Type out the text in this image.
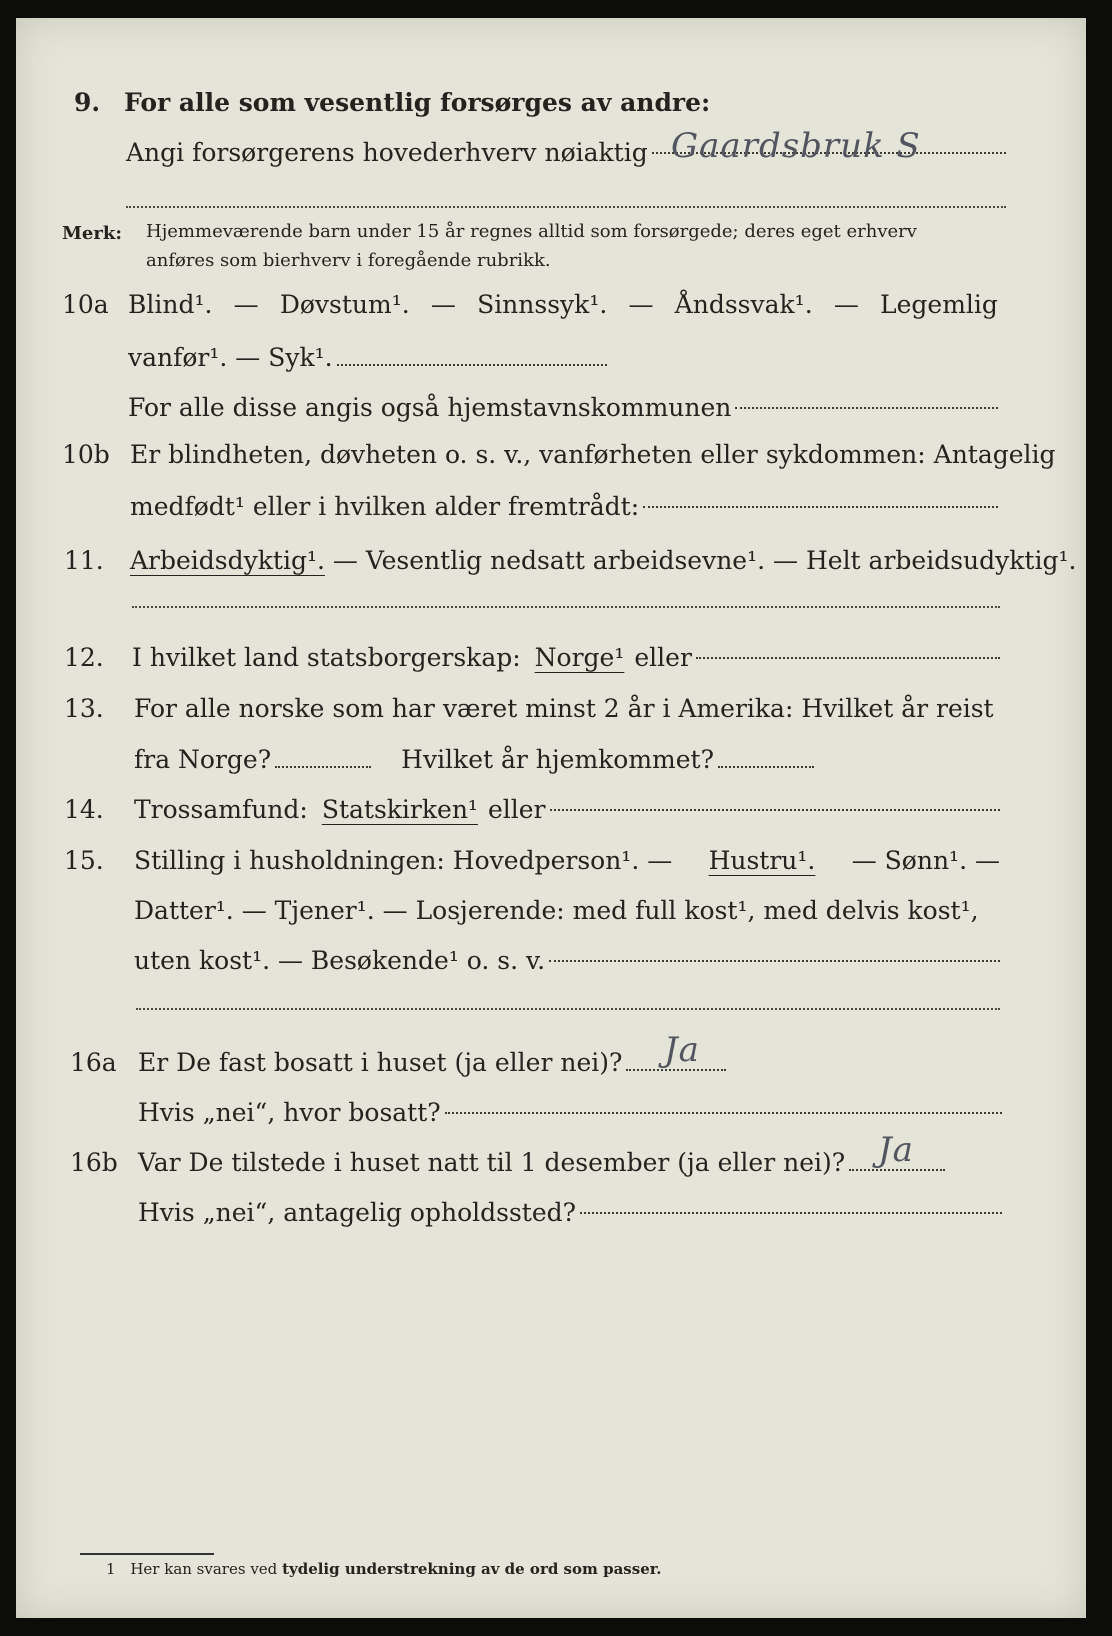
9. For alle som vesentlig forsørges av andre:
Angi forsørgerens hovederhverv nøiaktig Gaardsbruk S
Merk: Hjemmeværende barn under 15 år regnes alltid som forsørgede; deres eget erhverv
anføres som bierhverv i foregående rubrikk.
10a Blind¹. — Døvstum¹. — Sinnssyk¹. — Åndssvak¹. — Legemlig
vanfør¹. — Syk¹.
For alle disse angis også hjemstavnskommunen
10b Er blindheten, døvheten o. s. v., vanførheten eller sykdommen: Antagelig
medfødt¹ eller i hvilken alder fremtrådt:
11. Arbeidsdyktig¹. — Vesentlig nedsatt arbeidsevne¹. — Helt arbeidsudyktig¹.
12. I hvilket land statsborgerskap: Norge¹ eller
13. For alle norske som har været minst 2 år i Amerika: Hvilket år reist
fra Norge?	Hvilket år hjemkommet?
14. Trossamfund: Statskirken¹ eller
15. Stilling i husholdningen: Hovedperson¹. — Hustru¹. — Sønn¹. —
Datter¹. — Tjener¹. — Losjerende: med full kost¹, med delvis kost¹,
uten kost¹. — Besøkende¹ o. s. v.
16a Er De fast bosatt i huset (ja eller nei)? Ja
Hvis „nei“, hvor bosatt?
16b Var De tilstede i huset natt til 1 desember (ja eller nei)? Ja
Hvis „nei“, antagelig opholdssted?
1 Her kan svares ved tydelig understrekning av de ord som passer.
